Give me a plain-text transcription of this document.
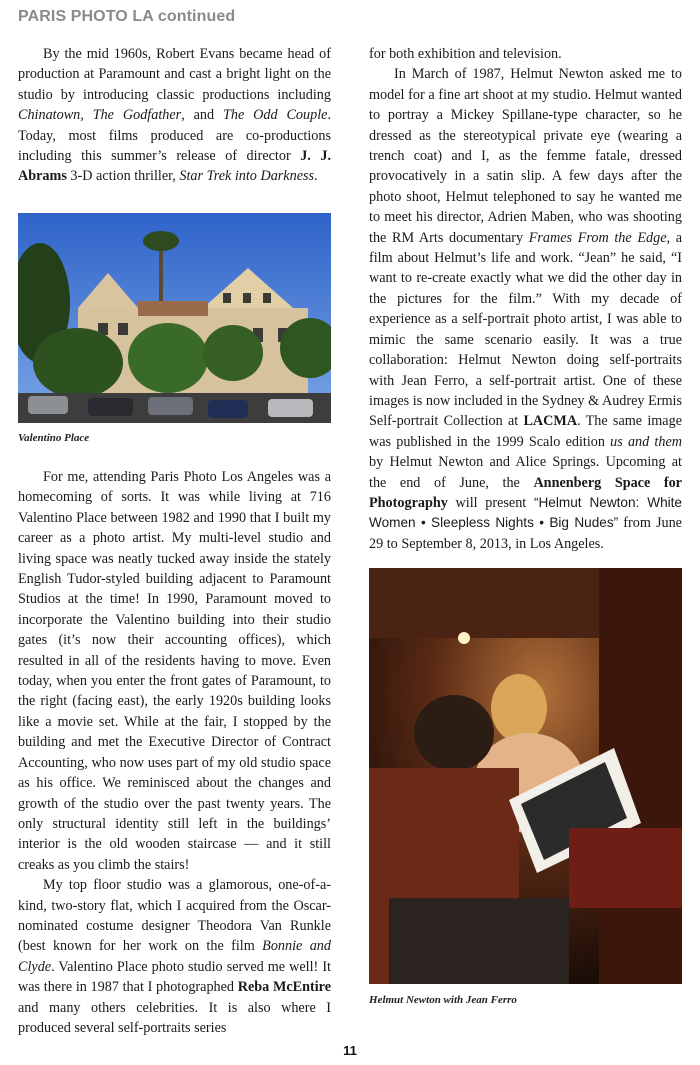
PARIS PHOTO LA continued

By the mid 1960s, Robert Evans became head of production at Paramount and cast a bright light on the studio by introducing classic productions including Chinatown, The Godfather, and The Odd Couple. Today, most films produced are co-productions including this summer’s release of director J. J. Abrams 3-D action thriller, Star Trek into Darkness.

Valentino Place

For me, attending Paris Photo Los Angeles was a homecoming of sorts. It was while living at 716 Valentino Place between 1982 and 1990 that I built my career as a photo artist. My multi-level studio and living space was neatly tucked away inside the stately English Tudor-styled building adjacent to Paramount Studios at the time! In 1990, Paramount moved to incorporate the Valentino building into their studio gates (it’s now their accounting offices), which resulted in all of the residents having to move. Even today, when you enter the front gates of Paramount, to the right (facing east), the early 1920s building looks like a movie set. While at the fair, I stopped by the building and met the Executive Director of Contract Accounting, who now uses part of my old studio space as his office. We reminisced about the changes and growth of the studio over the past twenty years. The only structural identity still left in the buildings’ interior is the old wooden staircase — and it still creaks as you climb the stairs!

My top floor studio was a glamorous, one-of-a-kind, two-story flat, which I acquired from the Oscar-nominated costume designer Theodora Van Runkle (best known for her work on the film Bonnie and Clyde. Valentino Place photo studio served me well! It was there in 1987 that I photographed Reba McEntire and many others celebrities. It is also where I produced several self-portraits series

for both exhibition and television.

In March of 1987, Helmut Newton asked me to model for a fine art shoot at my studio. Helmut wanted to portray a Mickey Spillane-type character, so he dressed as the stereotypical private eye (wearing a trench coat) and I, as the femme fatale, dressed provocatively in a satin slip. A few days after the photo shoot, Helmut telephoned to say he wanted me to meet his director, Adrien Maben, who was shooting the RM Arts documentary Frames From the Edge, a film about Helmut’s life and work. “Jean” he said, “I want to re-create exactly what we did the other day in the pictures for the film.” With my decade of experience as a self-portrait photo artist, I was able to mimic the same scenario easily. It was a true collaboration: Helmut Newton doing self-portraits with Jean Ferro, a self-portrait artist. One of these images is now included in the Sydney & Audrey Ermis Self-portrait Collection at LACMA. The same image was published in the 1999 Scalo edition us and them by Helmut Newton and Alice Springs. Upcoming at the end of June, the Annenberg Space for Photography will present “Helmut Newton: White Women • Sleepless Nights • Big Nudes” from June 29 to September 8, 2013, in Los Angeles.

Helmut Newton with Jean Ferro
11
